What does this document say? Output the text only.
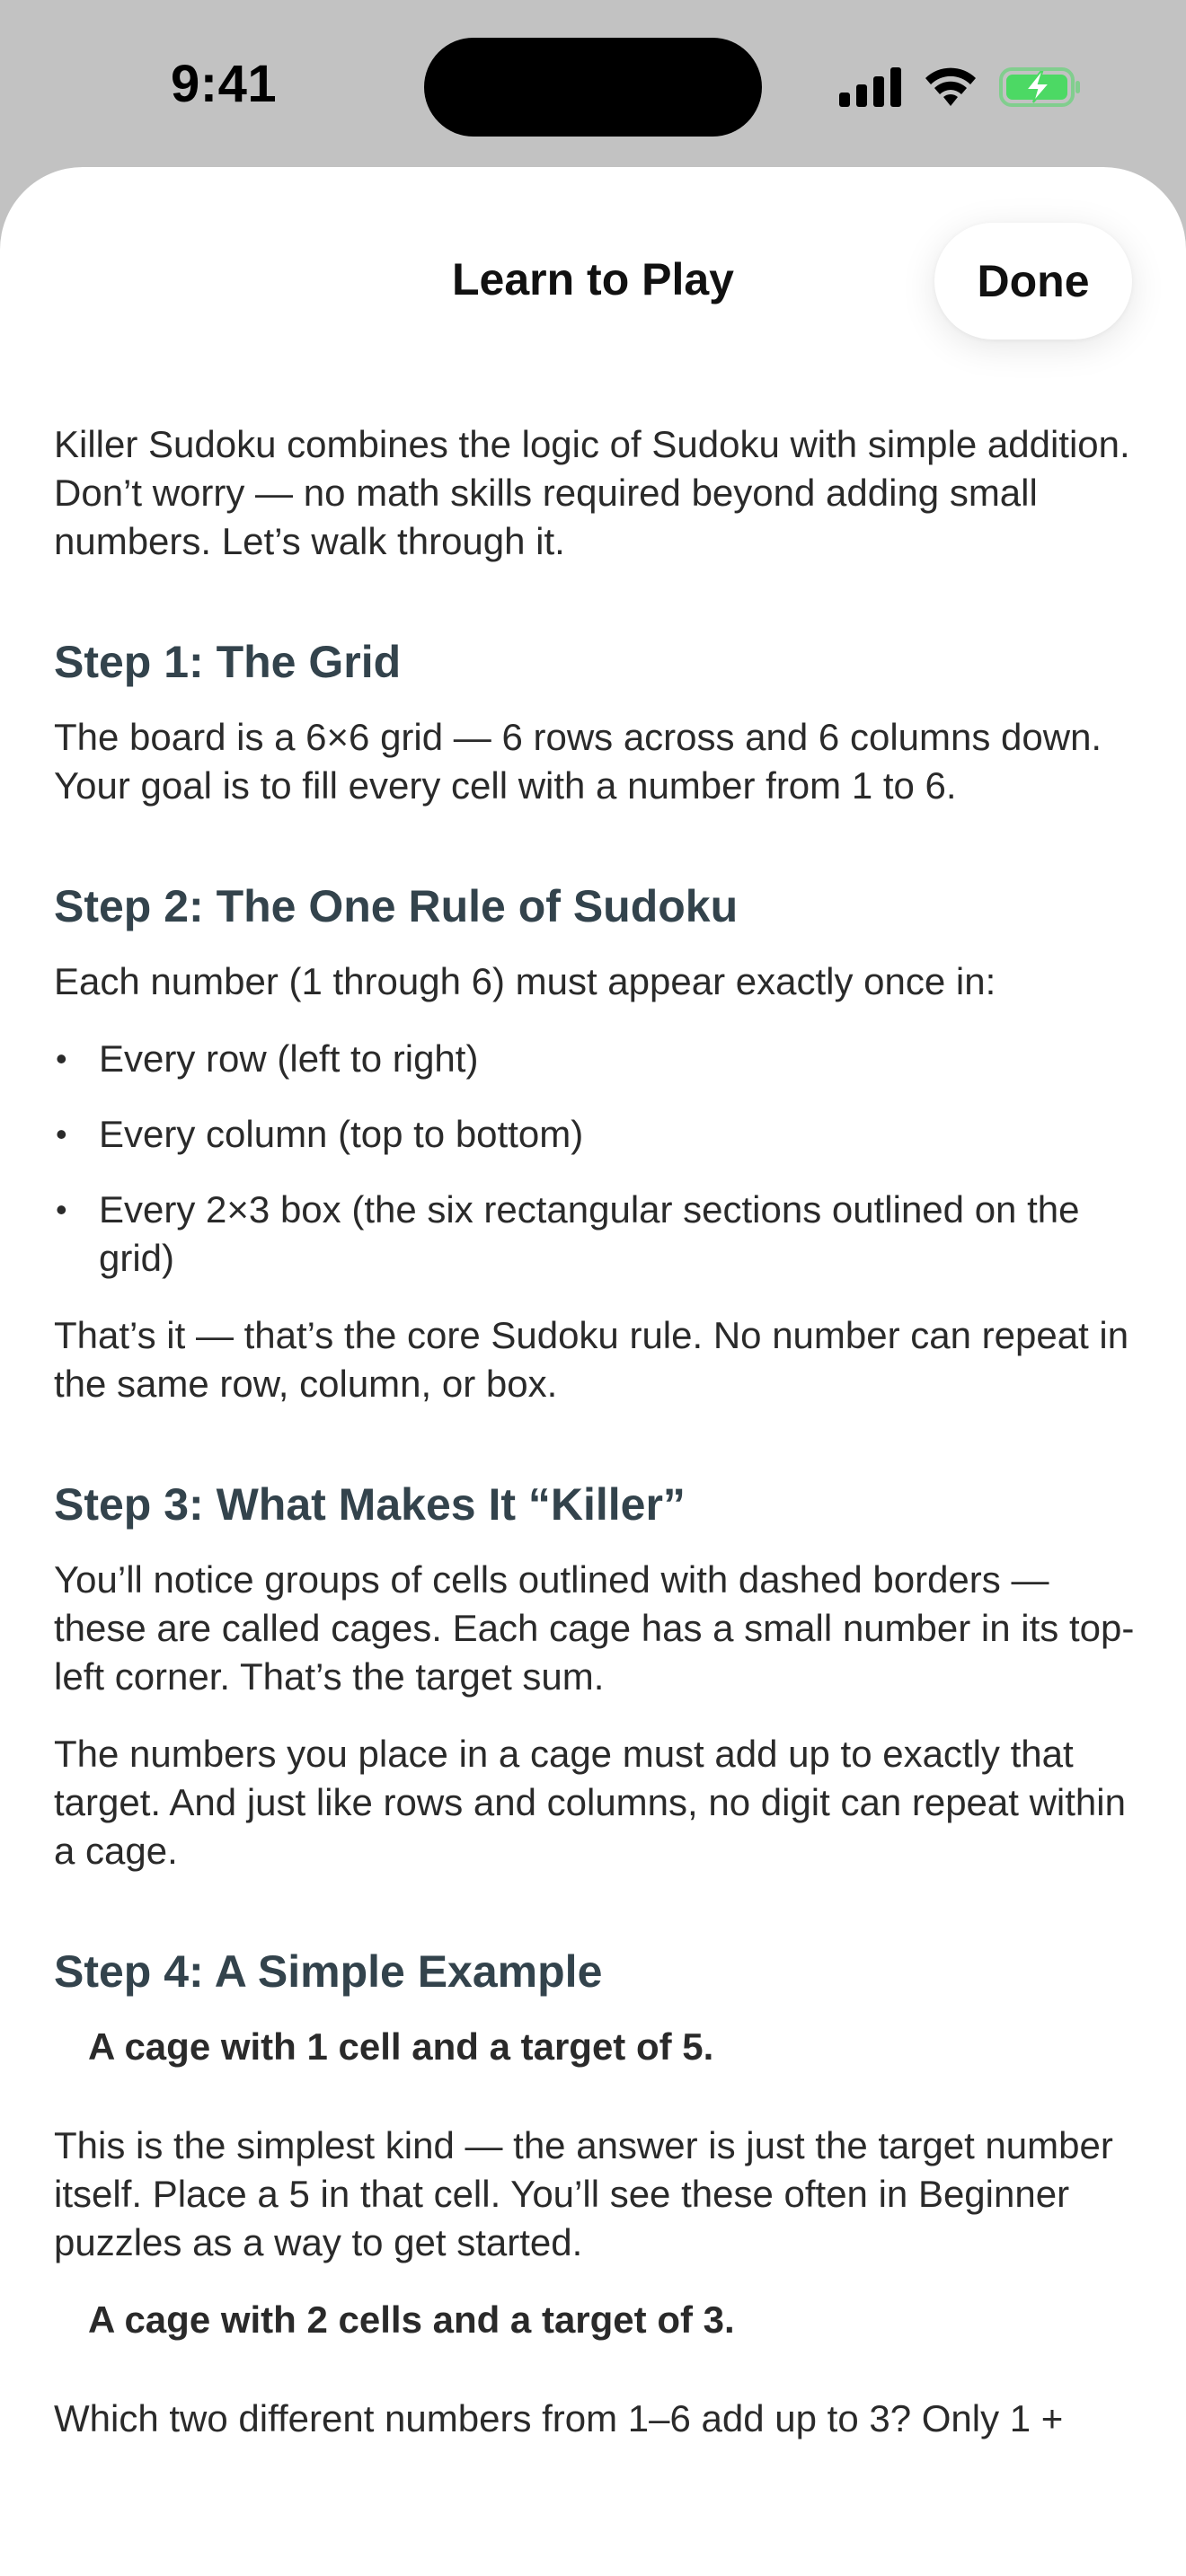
9:41
Learn to Play	Done

Killer Sudoku combines the logic of Sudoku with simple addition. Don’t worry — no math skills required beyond adding small numbers. Let’s walk through it.

Step 1: The Grid

The board is a 6×6 grid — 6 rows across and 6 columns down. Your goal is to fill every cell with a number from 1 to 6.

Step 2: The One Rule of Sudoku

Each number (1 through 6) must appear exactly once in:

• Every row (left to right)
• Every column (top to bottom)
• Every 2×3 box (the six rectangular sections outlined on the grid)

That’s it — that’s the core Sudoku rule. No number can repeat in the same row, column, or box.

Step 3: What Makes It “Killer”

You’ll notice groups of cells outlined with dashed borders — these are called cages. Each cage has a small number in its top-left corner. That’s the target sum.

The numbers you place in a cage must add up to exactly that target. And just like rows and columns, no digit can repeat within a cage.

Step 4: A Simple Example

A cage with 1 cell and a target of 5.

This is the simplest kind — the answer is just the target number itself. Place a 5 in that cell. You’ll see these often in Beginner puzzles as a way to get started.

A cage with 2 cells and a target of 3.

Which two different numbers from 1–6 add up to 3? Only 1 +
